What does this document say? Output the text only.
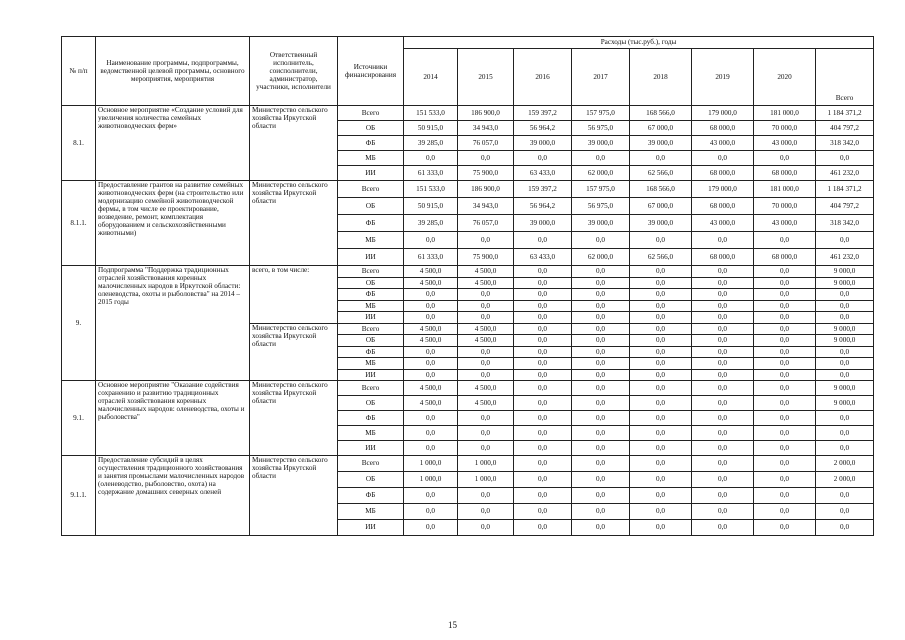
№ п/п	Наименование программы, подпрограммы, ведомственной целевой программы, основного мероприятия, мероприятия	Ответственный исполнитель, соисполнители, администратор, участники, исполнители	Источники финансирования	Расходы (тыс.руб.), годы							
				2014	2015	2016	2017	2018	2019	2020	Всего
8.1.	Основное мероприятие «Создание условий для увеличения количества семейных животноводческих ферм»	Министерство сельского хозяйства Иркутской области	Всего	151 533,0	186 900,0	159 397,2	157 975,0	168 566,0	179 000,0	181 000,0	1 184 371,2
			ОБ	50 915,0	34 943,0	56 964,2	56 975,0	67 000,0	68 000,0	70 000,0	404 797,2
			ФБ	39 285,0	76 057,0	39 000,0	39 000,0	39 000,0	43 000,0	43 000,0	318 342,0
			МБ	0,0	0,0	0,0	0,0	0,0	0,0	0,0	0,0
			ИИ	61 333,0	75 900,0	63 433,0	62 000,0	62 566,0	68 000,0	68 000,0	461 232,0
8.1.1.	Предоставление грантов на развитие семейных животноводческих ферм (на строительство или модернизацию семейной животноводческой фермы, в том числе ее проектирование, возведение, ремонт, комплектация оборудованием и сельскохозяйственными животными)	Министерство сельского хозяйства Иркутской области	Всего	151 533,0	186 900,0	159 397,2	157 975,0	168 566,0	179 000,0	181 000,0	1 184 371,2
			ОБ	50 915,0	34 943,0	56 964,2	56 975,0	67 000,0	68 000,0	70 000,0	404 797,2
			ФБ	39 285,0	76 057,0	39 000,0	39 000,0	39 000,0	43 000,0	43 000,0	318 342,0
			МБ	0,0	0,0	0,0	0,0	0,0	0,0	0,0	0,0
			ИИ	61 333,0	75 900,0	63 433,0	62 000,0	62 566,0	68 000,0	68 000,0	461 232,0
9.	Подпрограмма "Поддержка традиционных отраслей хозяйствования коренных малочисленных народов в Иркутской области: оленеводства, охоты и рыболовства" на 2014 – 2015 годы	всего, в том числе:	Всего	4 500,0	4 500,0	0,0	0,0	0,0	0,0	0,0	9 000,0
			ОБ	4 500,0	4 500,0	0,0	0,0	0,0	0,0	0,0	9 000,0
			ФБ	0,0	0,0	0,0	0,0	0,0	0,0	0,0	0,0
			МБ	0,0	0,0	0,0	0,0	0,0	0,0	0,0	0,0
			ИИ	0,0	0,0	0,0	0,0	0,0	0,0	0,0	0,0
		Министерство сельского хозяйства Иркутской области	Всего	4 500,0	4 500,0	0,0	0,0	0,0	0,0	0,0	9 000,0
			ОБ	4 500,0	4 500,0	0,0	0,0	0,0	0,0	0,0	9 000,0
			ФБ	0,0	0,0	0,0	0,0	0,0	0,0	0,0	0,0
			МБ	0,0	0,0	0,0	0,0	0,0	0,0	0,0	0,0
			ИИ	0,0	0,0	0,0	0,0	0,0	0,0	0,0	0,0
9.1.	Основное мероприятие "Оказание содействия сохранению и развитию традиционных отраслей хозяйствования коренных малочисленных народов: оленеводства, охоты и рыболовства"	Министерство сельского хозяйства Иркутской области	Всего	4 500,0	4 500,0	0,0	0,0	0,0	0,0	0,0	9 000,0
			ОБ	4 500,0	4 500,0	0,0	0,0	0,0	0,0	0,0	9 000,0
			ФБ	0,0	0,0	0,0	0,0	0,0	0,0	0,0	0,0
			МБ	0,0	0,0	0,0	0,0	0,0	0,0	0,0	0,0
			ИИ	0,0	0,0	0,0	0,0	0,0	0,0	0,0	0,0
9.1.1.	Предоставление субсидий в целях осуществления традиционного хозяйствования и занятия промыслами малочисленных народов (оленеводство, рыболовство, охота) на содержание домашних северных оленей	Министерство сельского хозяйства Иркутской области	Всего	1 000,0	1 000,0	0,0	0,0	0,0	0,0	0,0	2 000,0
			ОБ	1 000,0	1 000,0	0,0	0,0	0,0	0,0	0,0	2 000,0
			ФБ	0,0	0,0	0,0	0,0	0,0	0,0	0,0	0,0
			МБ	0,0	0,0	0,0	0,0	0,0	0,0	0,0	0,0
			ИИ	0,0	0,0	0,0	0,0	0,0	0,0	0,0	0,0
15
